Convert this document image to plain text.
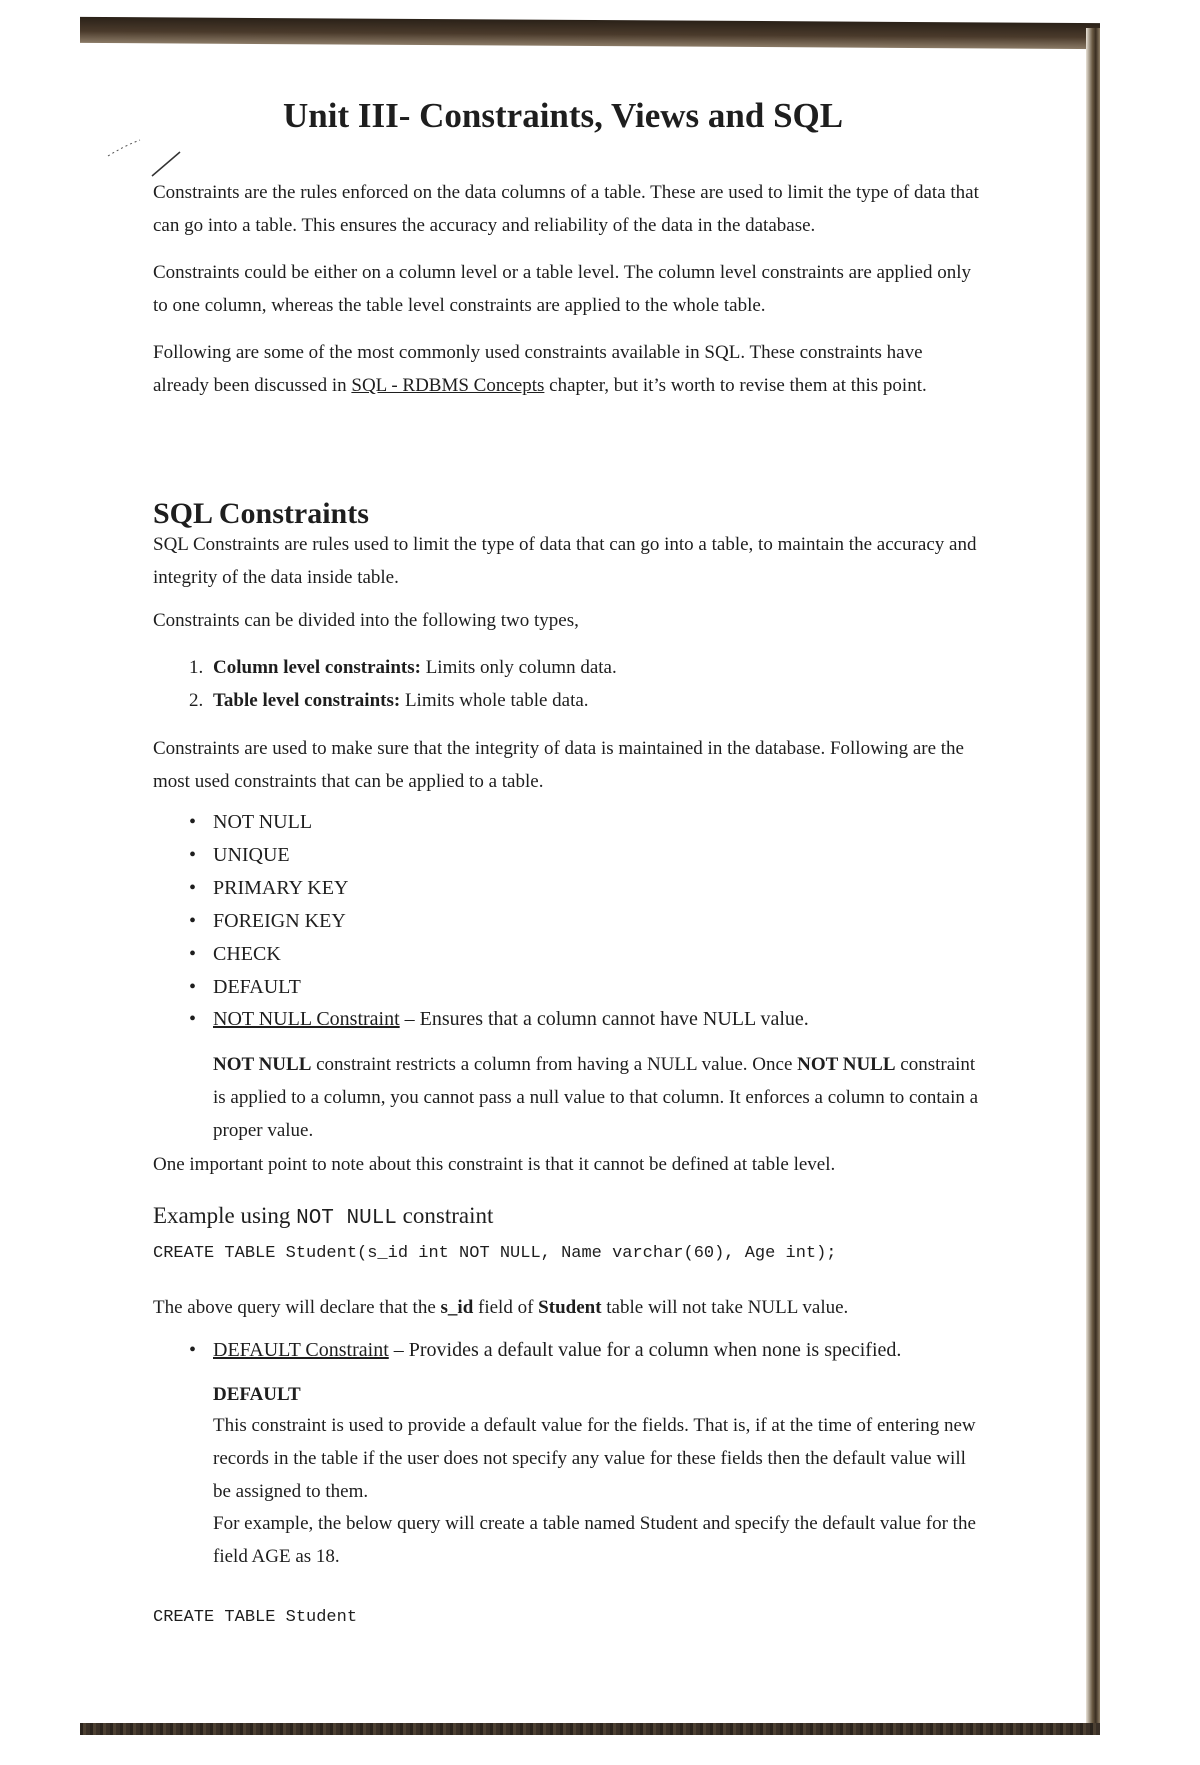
Unit III- Constraints, Views and SQL

Constraints are the rules enforced on the data columns of a table. These are used to limit the type of data that can go into a table. This ensures the accuracy and reliability of the data in the database.

Constraints could be either on a column level or a table level. The column level constraints are applied only to one column, whereas the table level constraints are applied to the whole table.

Following are some of the most commonly used constraints available in SQL. These constraints have already been discussed in SQL - RDBMS Concepts chapter, but it’s worth to revise them at this point.

SQL Constraints

SQL Constraints are rules used to limit the type of data that can go into a table, to maintain the accuracy and integrity of the data inside table.

Constraints can be divided into the following two types,

1. Column level constraints: Limits only column data.
2. Table level constraints: Limits whole table data.

Constraints are used to make sure that the integrity of data is maintained in the database. Following are the most used constraints that can be applied to a table.

• NOT NULL
• UNIQUE
• PRIMARY KEY
• FOREIGN KEY
• CHECK
• DEFAULT
• NOT NULL Constraint – Ensures that a column cannot have NULL value.

NOT NULL constraint restricts a column from having a NULL value. Once NOT NULL constraint is applied to a column, you cannot pass a null value to that column. It enforces a column to contain a proper value.

One important point to note about this constraint is that it cannot be defined at table level.

Example using NOT NULL constraint
CREATE TABLE Student(s_id int NOT NULL, Name varchar(60), Age int);

The above query will declare that the s_id field of Student table will not take NULL value.

• DEFAULT Constraint – Provides a default value for a column when none is specified.
DEFAULT

This constraint is used to provide a default value for the fields. That is, if at the time of entering new records in the table if the user does not specify any value for these fields then the default value will be assigned to them.

For example, the below query will create a table named Student and specify the default value for the field AGE as 18.

CREATE TABLE Student
